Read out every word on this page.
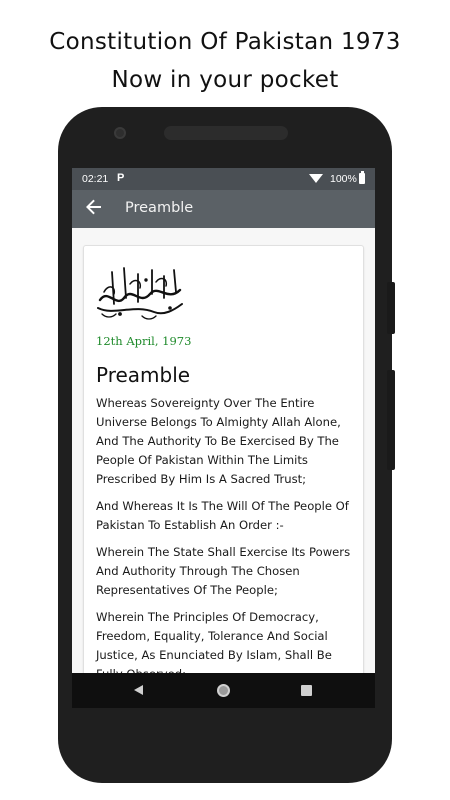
Constitution Of Pakistan 1973
Now in your pocket
02:21 P	100%
Preamble
12th April, 1973
Preamble

Whereas Sovereignty Over The Entire Universe Belongs To Almighty Allah Alone, And The Authority To Be Exercised By The People Of Pakistan Within The Limits Prescribed By Him Is A Sacred Trust;

And Whereas It Is The Will Of The People Of Pakistan To Establish An Order :-

Wherein The State Shall Exercise Its Powers And Authority Through The Chosen Representatives Of The People;

Wherein The Principles Of Democracy, Freedom, Equality, Tolerance And Social Justice, As Enunciated By Islam, Shall Be
